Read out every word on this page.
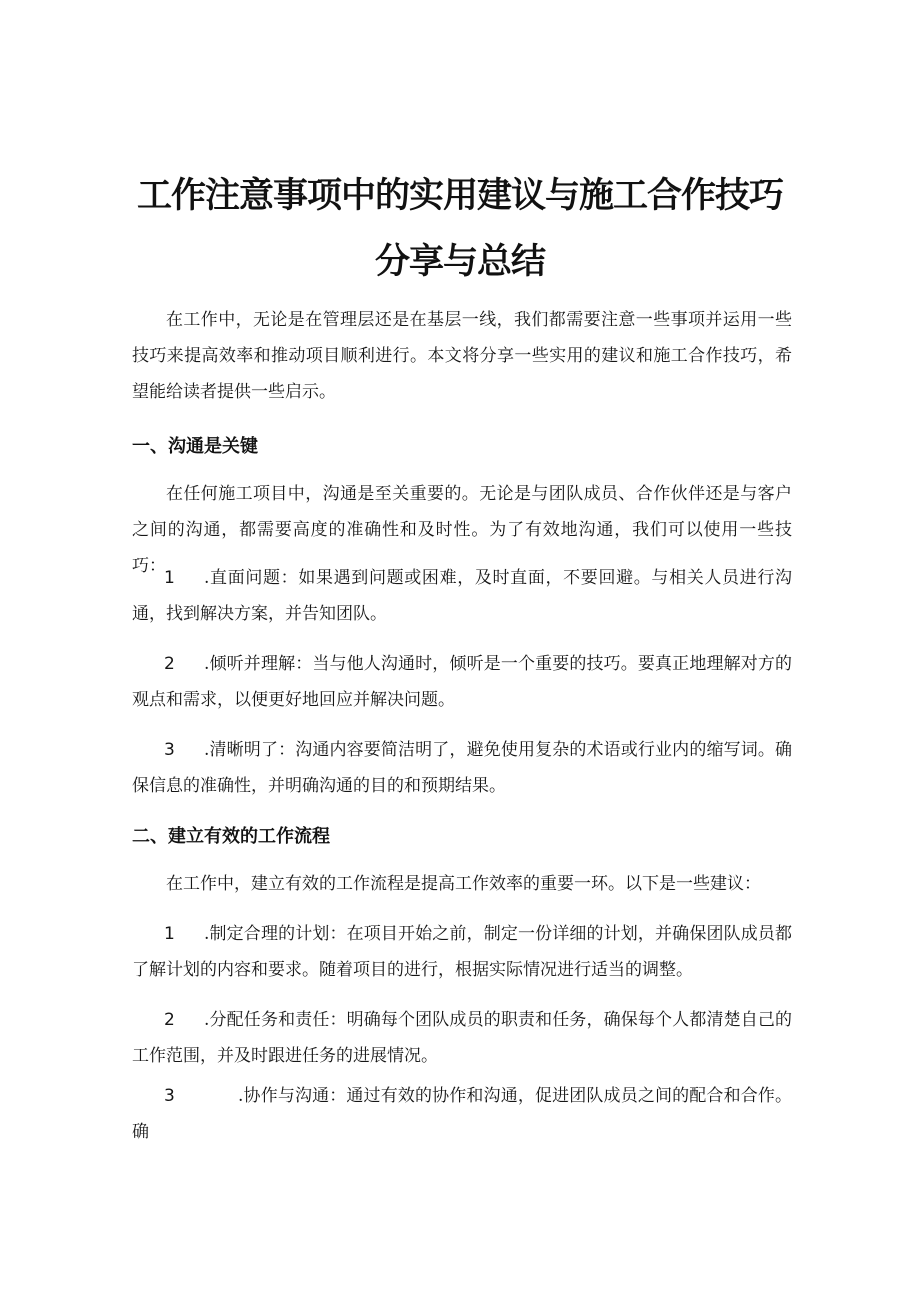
工作注意事项中的实用建议与施工合作技巧
分享与总结

在工作中，无论是在管理层还是在基层一线，我们都需要注意一些事项并运用一些技巧来提高效率和推动项目顺利进行。本文将分享一些实用的建议和施工合作技巧，希望能给读者提供一些启示。

一、沟通是关键

在任何施工项目中，沟通是至关重要的。无论是与团队成员、合作伙伴还是与客户之间的沟通，都需要高度的准确性和及时性。为了有效地沟通，我们可以使用一些技巧：

1 .直面问题：如果遇到问题或困难，及时直面，不要回避。与相关人员进行沟通，找到解决方案，并告知团队。

2 .倾听并理解：当与他人沟通时，倾听是一个重要的技巧。要真正地理解对方的观点和需求，以便更好地回应并解决问题。

3 .清晰明了：沟通内容要简洁明了，避免使用复杂的术语或行业内的缩写词。确保信息的准确性，并明确沟通的目的和预期结果。

二、建立有效的工作流程

在工作中，建立有效的工作流程是提高工作效率的重要一环。以下是一些建议：

1 .制定合理的计划：在项目开始之前，制定一份详细的计划，并确保团队成员都了解计划的内容和要求。随着项目的进行，根据实际情况进行适当的调整。

2 .分配任务和责任：明确每个团队成员的职责和任务，确保每个人都清楚自己的工作范围，并及时跟进任务的进展情况。

3	.协作与沟通：通过有效的协作和沟通，促进团队成员之间的配合和合作。确
